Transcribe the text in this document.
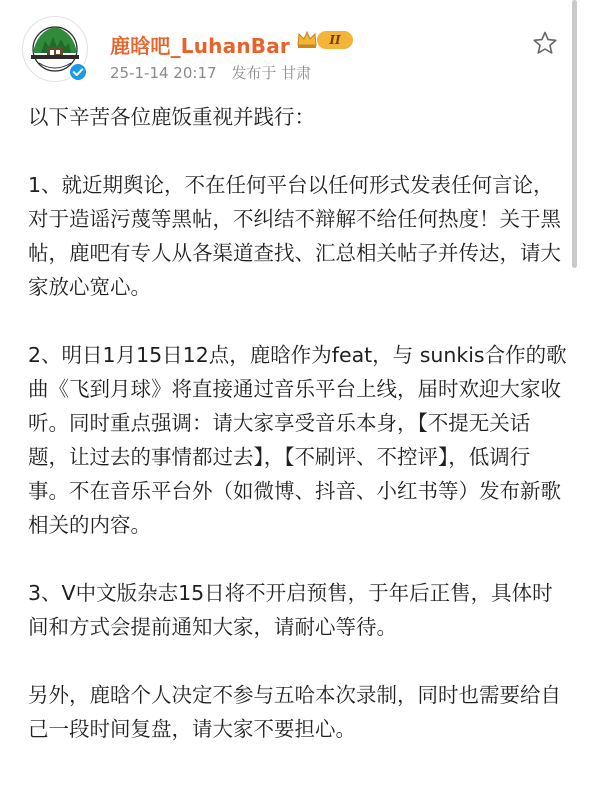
鹿晗吧_LuhanBar	II
25-1-14 20:17 发布于 甘肃

以下辛苦各位鹿饭重视并践行：

1、就近期舆论，不在任何平台以任何形式发表任何言论，对于造谣污蔑等黑帖，不纠结不辩解不给任何热度！关于黑帖，鹿吧有专人从各渠道查找、汇总相关帖子并传达，请大家放心宽心。

2、明日1月15日12点，鹿晗作为feat，与 sunkis合作的歌曲《飞到月球》将直接通过音乐平台上线，届时欢迎大家收听。同时重点强调：请大家享受音乐本身，【不提无关话题，让过去的事情都过去】，【不刷评、不控评】，低调行事。不在音乐平台外（如微博、抖音、小红书等）发布新歌相关的内容。

3、V中文版杂志15日将不开启预售，于年后正售，具体时间和方式会提前通知大家，请耐心等待。

另外，鹿晗个人决定不参与五哈本次录制，同时也需要给自己一段时间复盘，请大家不要担心。
